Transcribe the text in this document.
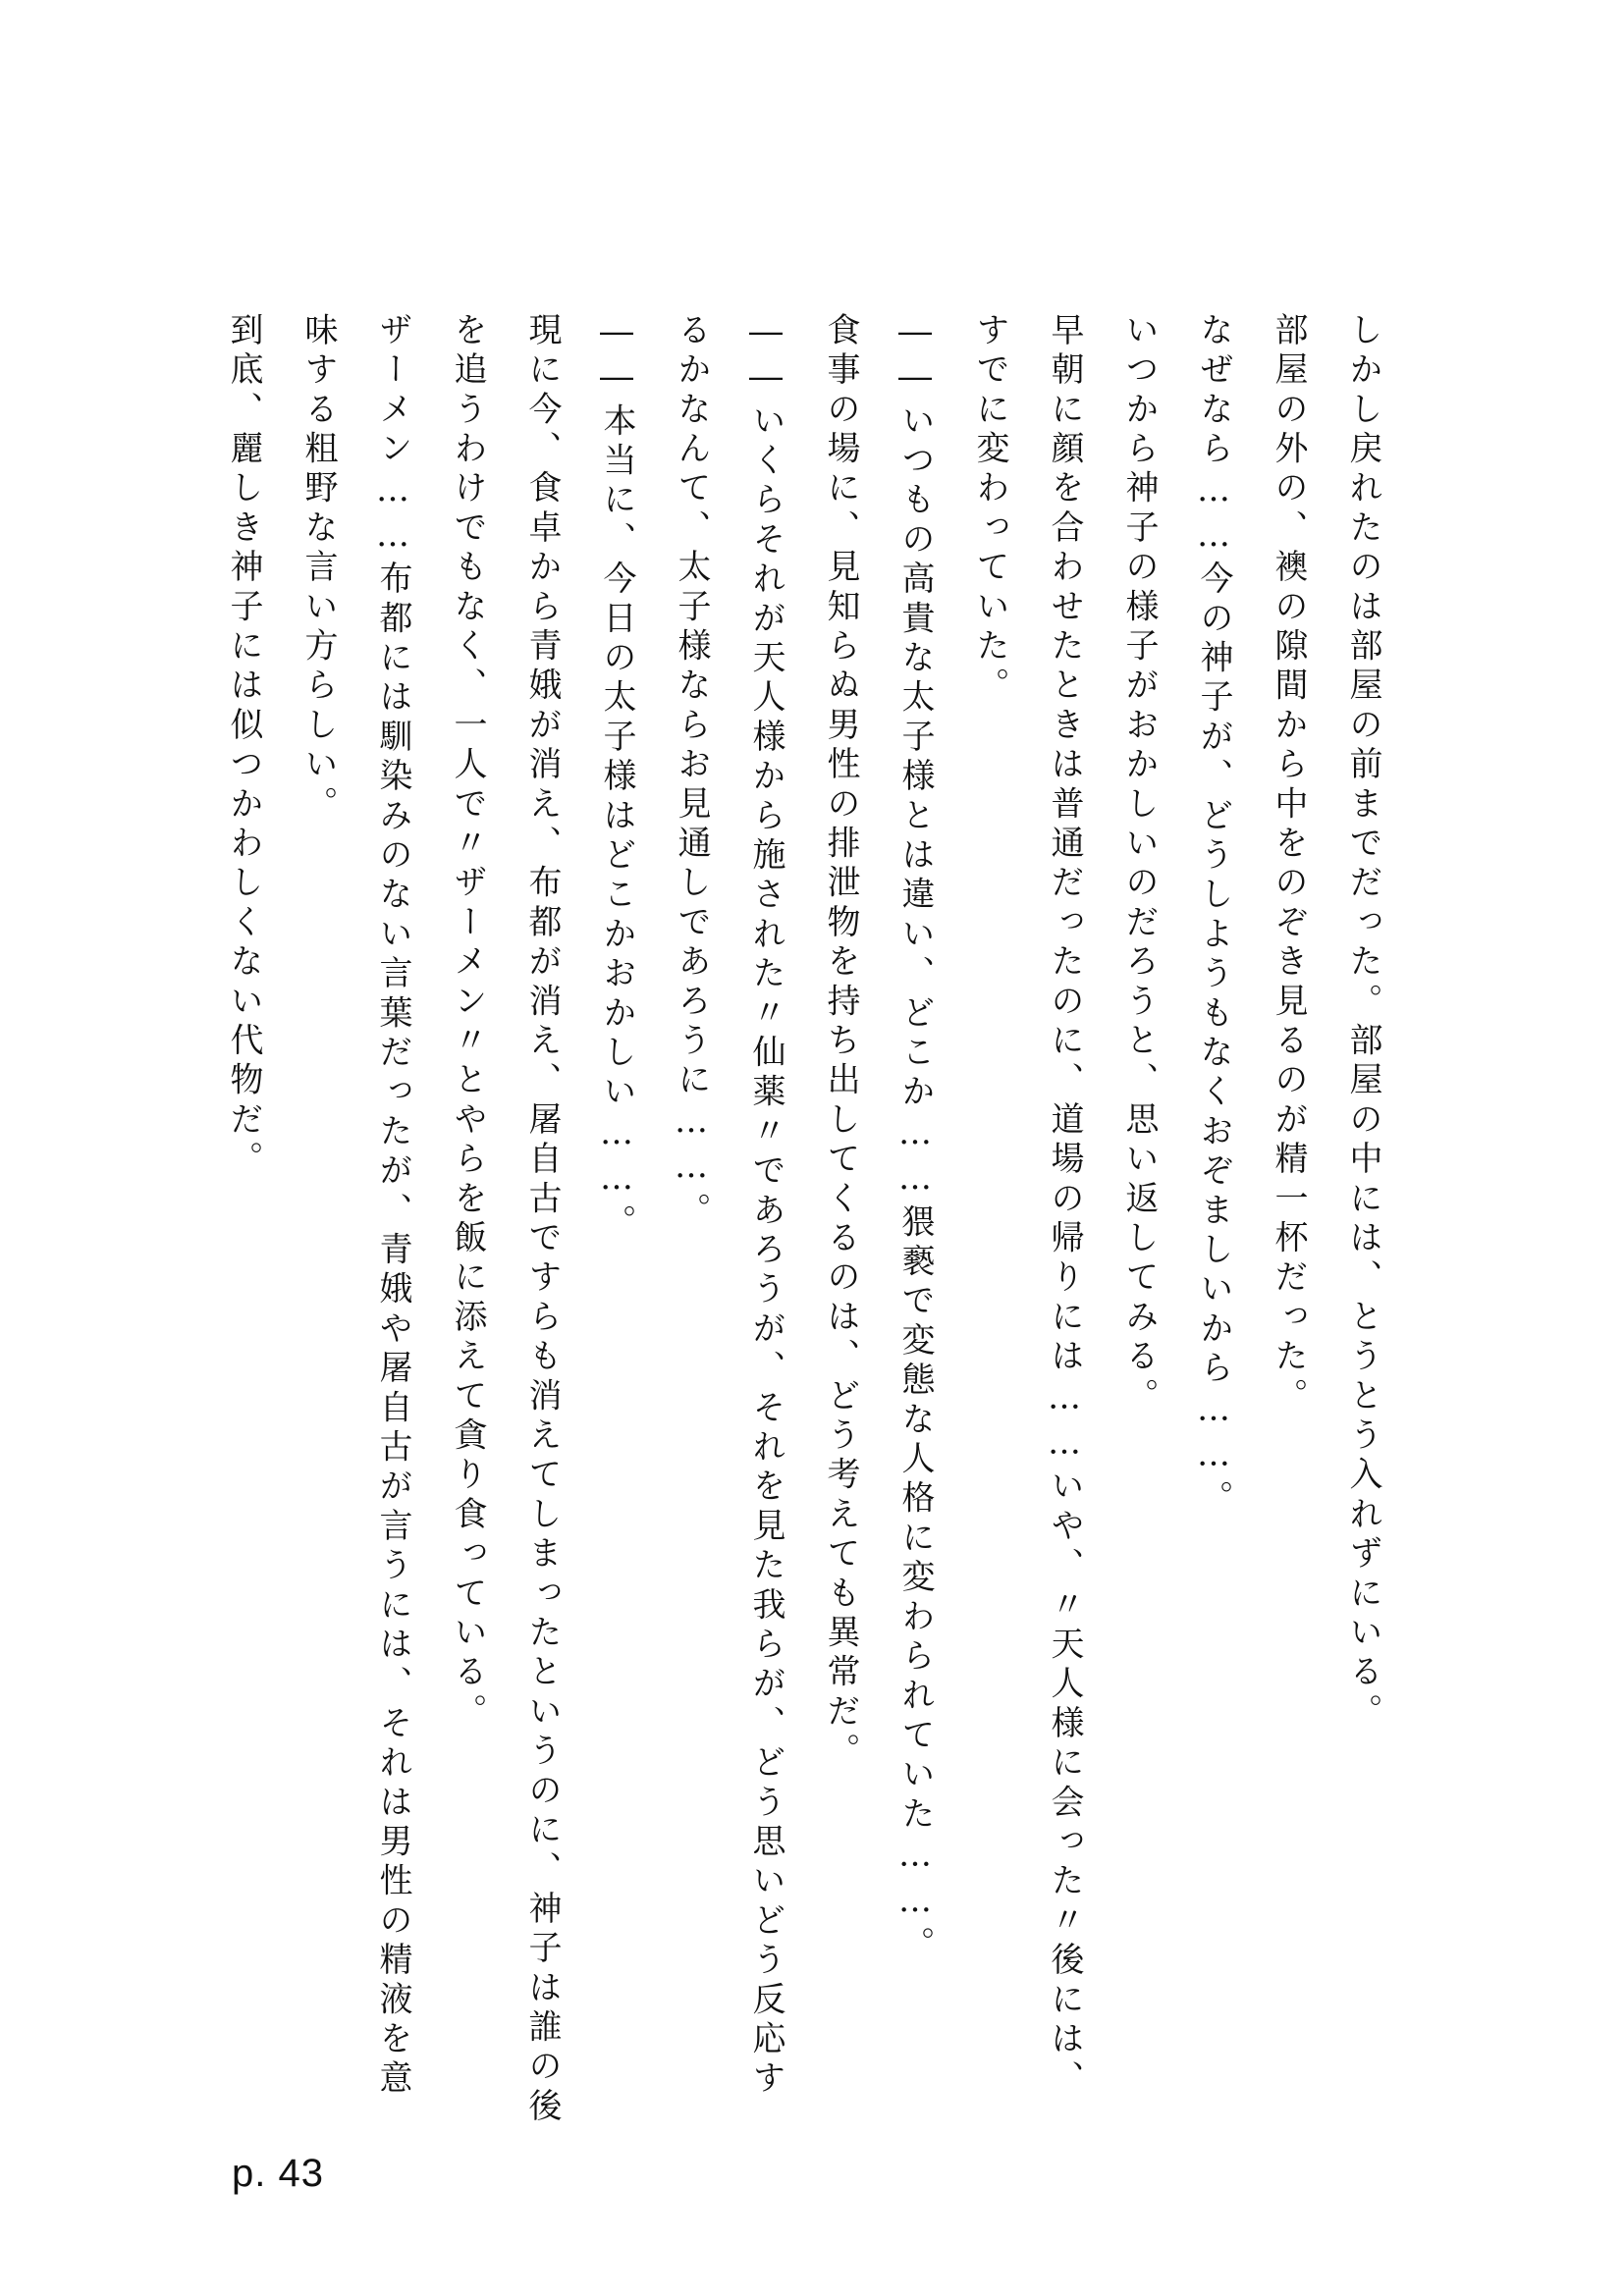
しかし戻れたのは部屋の前までだった。部屋の中には、とうとう入れずにいる。

部屋の外の、襖の隙間から中をのぞき見るのが精一杯だった。

なぜなら……今の神子が、どうしようもなくおぞましいから……。

いつから神子の様子がおかしいのだろうと、思い返してみる。

早朝に顔を合わせたときは普通だったのに、道場の帰りには……いや、〃天人様に会った〃後には、すでに変わっていた。

――いつもの高貴な太子様とは違い、どこか……猥褻で変態な人格に変わられていた……。

食事の場に、見知らぬ男性の排泄物を持ち出してくるのは、どう考えても異常だ。

――いくらそれが天人様から施された〃仙薬〃であろうが、それを見た我らが、どう思いどう反応するかなんて、太子様ならお見通しであろうに……。

――本当に、今日の太子様はどこかおかしい……。

現に今、食卓から青娥が消え、布都が消え、屠自古ですらも消えてしまったというのに、神子は誰の後を追うわけでもなく、一人で〃ザーメン〃とやらを飯に添えて貪り食っている。

ザーメン……布都には馴染みのない言葉だったが、青娥や屠自古が言うには、それは男性の精液を意味する粗野な言い方らしい。

到底、麗しき神子には似つかわしくない代物だ。

p. 43
